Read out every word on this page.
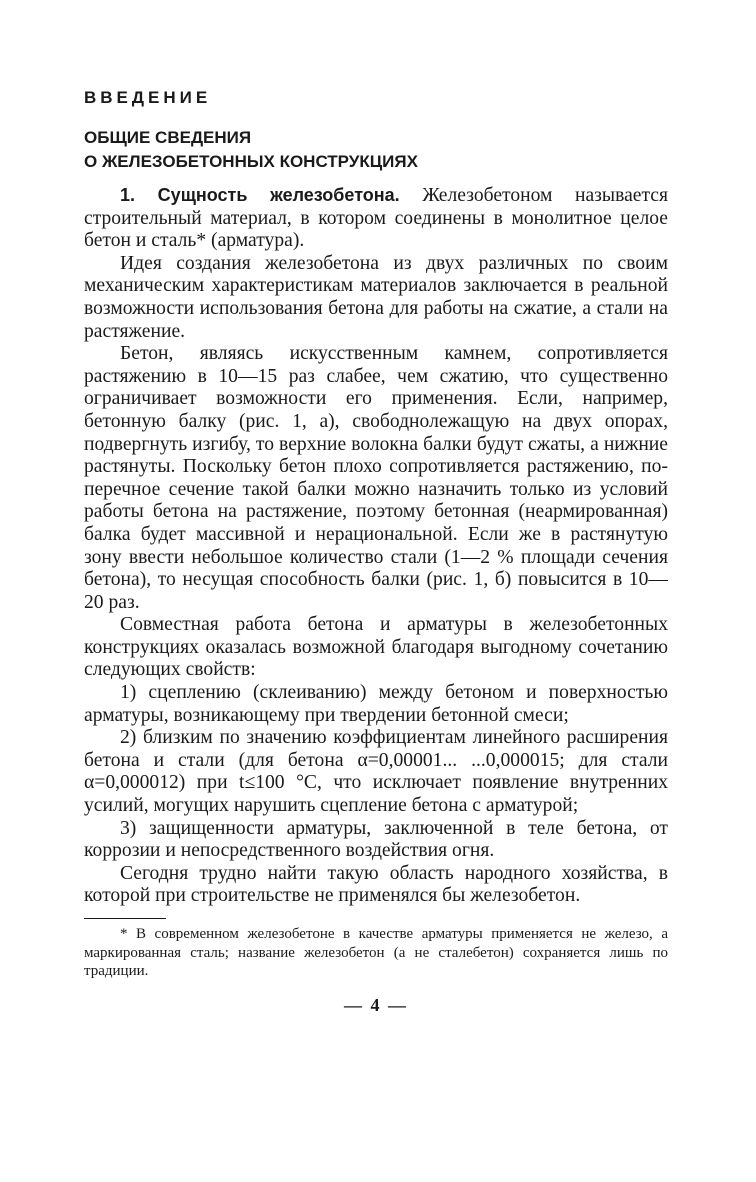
ВВЕДЕНИЕ
ОБЩИЕ СВЕДЕНИЯ
О ЖЕЛЕЗОБЕТОННЫХ КОНСТРУКЦИЯХ

1. Сущность железобетона. Железобетоном называется строительный материал, в котором соединены в монолитное целое бетон и сталь* (арматура).

Идея создания железобетона из двух различных по своим механическим характеристикам материалов заключается в реальной возможности использования бетона для работы на сжатие, а стали на растяжение.

Бетон, являясь искусственным камнем, сопротивляется растяжению в 10—15 раз слабее, чем сжатию, что существенно ограничивает возможности его применения. Если, например, бетонную балку (рис. 1, а), свободнолежащую на двух опорах, подвергнуть изгибу, то верхние волокна балки будут сжаты, а нижние растянуты. Поскольку бетон плохо сопротивляется растяжению, поперечное сечение такой балки можно назначить только из условий работы бетона на растяжение, поэтому бетонная (неармированная) балка будет массивной и нерациональной. Если же в растянутую зону ввести небольшое количество стали (1—2 % площади сечения бетона), то несущая способность балки (рис. 1, б) повысится в 10—20 раз.

Совместная работа бетона и арматуры в железобетонных конструкциях оказалась возможной благодаря выгодному сочетанию следующих свойств:

1) сцеплению (склеиванию) между бетоном и поверхностью арматуры, возникающему при твердении бетонной смеси;

2) близким по значению коэффициентам линейного расширения бетона и стали (для бетона α=0,00001... ...0,000015; для стали α=0,000012) при t≤100 °С, что исключает появление внутренних усилий, могущих нарушить сцепление бетона с арматурой;

3) защищенности арматуры, заключенной в теле бетона, от коррозии и непосредственного воздействия огня.

Сегодня трудно найти такую область народного хозяйства, в которой при строительстве не применялся бы железобетон.

* В современном железобетоне в качестве арматуры применяется не железо, а маркированная сталь; название железобетон (а не сталебетон) сохраняется лишь по традиции.

— 4 —
